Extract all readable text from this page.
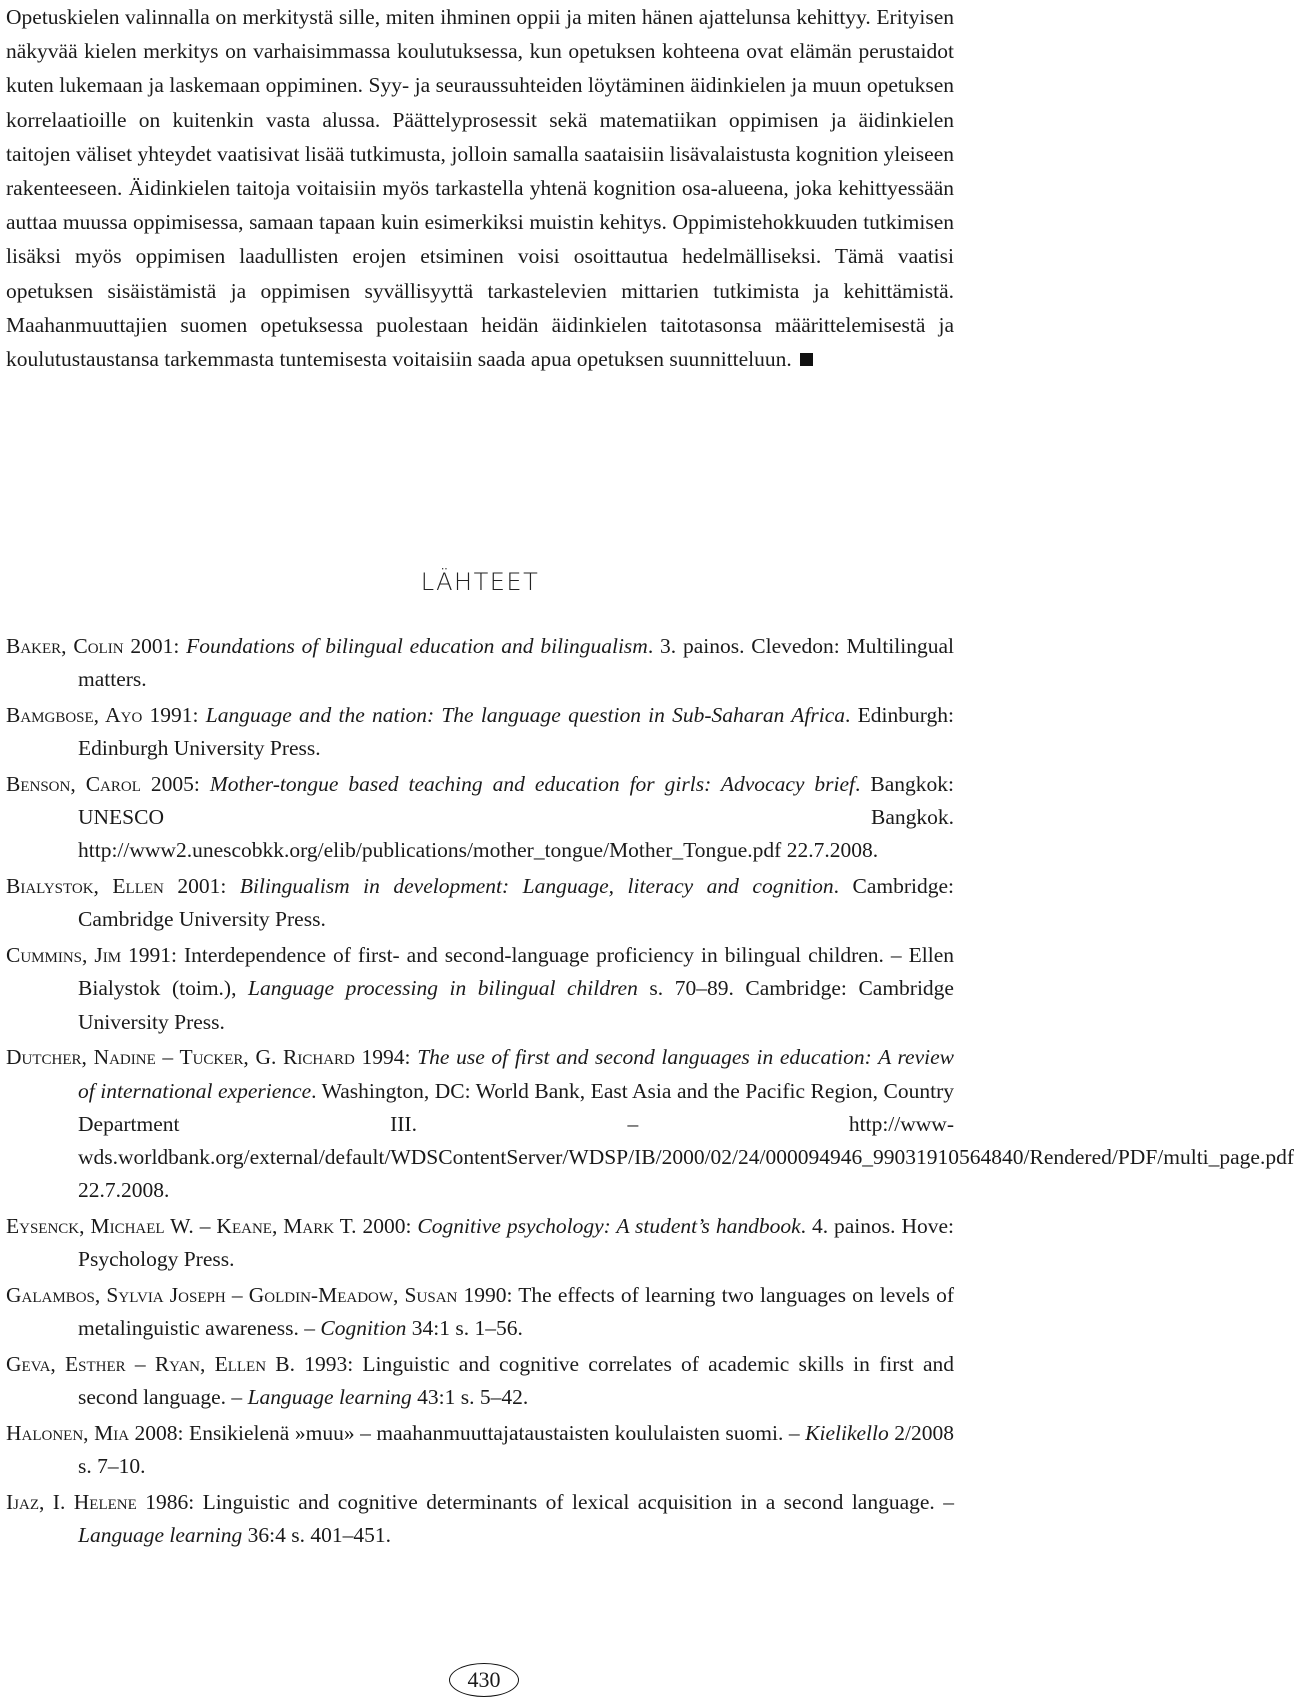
Opetuskielen valinnalla on merkitystä sille, miten ihminen oppii ja miten hänen ajattelunsa kehittyy. Erityisen näkyvää kielen merkitys on varhaisimmassa koulutuksessa, kun opetuksen kohteena ovat elämän perustaidot kuten lukemaan ja laskemaan oppiminen. Syy- ja seuraussuhteiden löytäminen äidinkielen ja muun opetuksen korrelaatioille on kuitenkin vasta alussa. Päättelyprosessit sekä matematiikan oppimisen ja äidinkielen taitojen väliset yhteydet vaatisivat lisää tutkimusta, jolloin samalla saataisiin lisävalaistusta kognition yleiseen rakenteeseen. Äidinkielen taitoja voitaisiin myös tarkastella yhtenä kognition osa-alueena, joka kehittyessään auttaa muussa oppimisessa, samaan tapaan kuin esimerkiksi muistin kehitys. Oppimistehokkuuden tutkimisen lisäksi myös oppimisen laadullisten erojen etsiminen voisi osoittautua hedelmälliseksi. Tämä vaatisi opetuksen sisäistämistä ja oppimisen syvällisyyttä tarkastelevien mittarien tutkimista ja kehittämistä. Maahanmuuttajien suomen opetuksessa puolestaan heidän äidinkielen taitotasonsa määrittelemisestä ja koulutustaustansa tarkemmasta tuntemisesta voitaisiin saada apua opetuksen suunnitteluun.

LÄHTEET

Baker, Colin 2001: Foundations of bilingual education and bilingualism. 3. painos. Clevedon: Multilingual matters.

Bamgbose, Ayo 1991: Language and the nation: The language question in Sub-Saharan Africa. Edinburgh: Edinburgh University Press.

Benson, Carol 2005: Mother-tongue based teaching and education for girls: Advocacy brief. Bangkok: UNESCO Bangkok. http://www2.unescobkk.org/elib/publications/mother_tongue/Mother_Tongue.pdf 22.7.2008.

Bialystok, Ellen 2001: Bilingualism in development: Language, literacy and cognition. Cambridge: Cambridge University Press.

Cummins, Jim 1991: Interdependence of first- and second-language proficiency in bilingual children. – Ellen Bialystok (toim.), Language processing in bilingual children s. 70–89. Cambridge: Cambridge University Press.

Dutcher, Nadine – Tucker, G. Richard 1994: The use of first and second languages in education: A review of international experience. Washington, DC: World Bank, East Asia and the Pacific Region, Country Department III. – http://www-wds.worldbank.org/external/default/WDSContentServer/WDSP/IB/2000/02/24/000094946_99031910564840/Rendered/PDF/multi_page.pdf 22.7.2008.

Eysenck, Michael W. – Keane, Mark T. 2000: Cognitive psychology: A student’s handbook. 4. painos. Hove: Psychology Press.

Galambos, Sylvia Joseph – Goldin-Meadow, Susan 1990: The effects of learning two languages on levels of metalinguistic awareness. – Cognition 34:1 s. 1–56.

Geva, Esther – Ryan, Ellen B. 1993: Linguistic and cognitive correlates of academic skills in first and second language. – Language learning 43:1 s. 5–42.

Halonen, Mia 2008: Ensikielenä »muu» – maahanmuuttajataustaisten koululaisten suomi. – Kielikello 2/2008 s. 7–10.

Ijaz, I. Helene 1986: Linguistic and cognitive determinants of lexical acquisition in a second language. – Language learning 36:4 s. 401–451.

430
